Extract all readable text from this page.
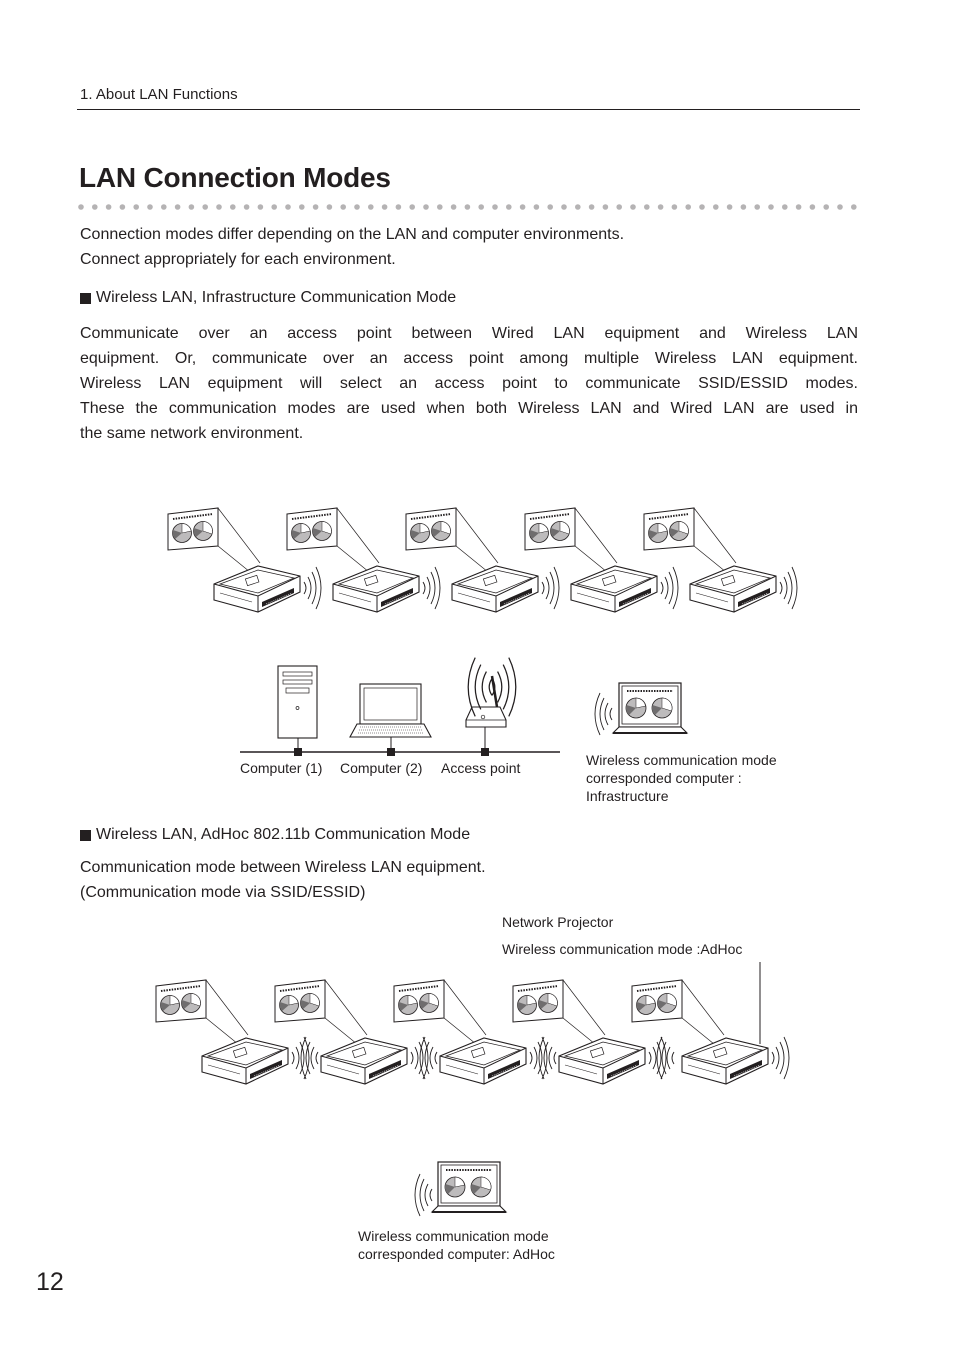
1. About LAN Functions
LAN Connection Modes
Connection modes differ depending on the LAN and computer environments.
Connect appropriately for each environment.
Wireless LAN, Infrastructure Communication Mode

Communicate over an access point between Wired LAN equipment and Wireless LAN

equipment. Or, communicate over an access point among multiple Wireless LAN equipment.

Wireless LAN equipment will select an access point to communicate SSID/ESSID modes.

These the communication modes are used when both Wireless LAN and Wired LAN are used in

the same network environment.

Computer (1) Computer (2) Access point	Wireless communication mode
corresponded computer :
Infrastructure
Wireless LAN, AdHoc 802.11b Communication Mode
Communication mode between Wireless LAN equipment.
(Communication mode via SSID/ESSID)
Network Projector
Wireless communication mode :AdHoc
Wireless communication mode
corresponded computer: AdHoc
12
